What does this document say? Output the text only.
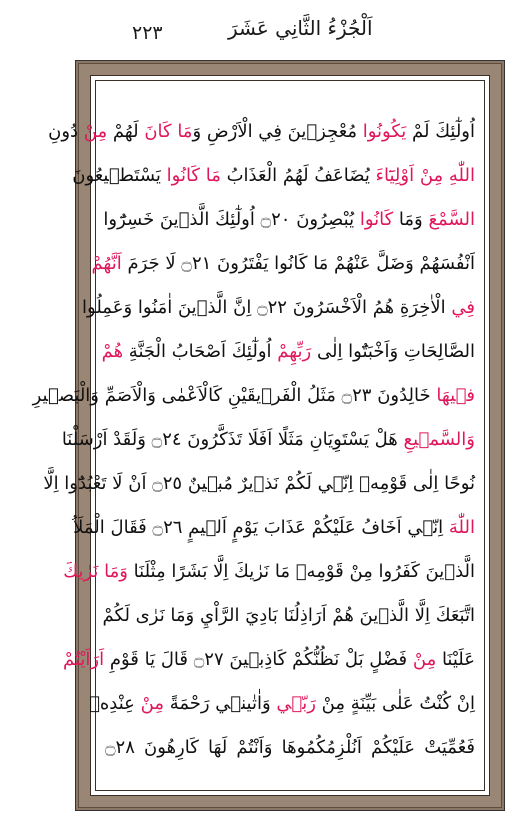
٢٢٣	اَلْجُزْءُ الثَّانِي عَشَرَ
اُولٰٓئِكَ لَمْ يَكُونُوا مُعْجِزٖينَ فِي الْاَرْضِ وَمَا كَانَ لَهُمْ مِنْ دُونِ
اللّٰهِ مِنْ اَوْلِيَٓاءَ يُضَاعَفُ لَهُمُ الْعَذَابُ مَا كَانُوا يَسْتَطٖيعُونَ
السَّمْعَ وَمَا كَانُوا يُبْصِرُونَ ۝٢٠ اُولٰٓئِكَ الَّذٖينَ خَسِرُٓوا
اَنْفُسَهُمْ وَضَلَّ عَنْهُمْ مَا كَانُوا يَفْتَرُونَ ۝٢١ لَا جَرَمَ اَنَّهُمْ
فِي الْاٰخِرَةِ هُمُ الْاَخْسَرُونَ ۝٢٢ اِنَّ الَّذٖينَ اٰمَنُوا وَعَمِلُوا
الصَّالِحَاتِ وَاَخْبَتُٓوا اِلٰى رَبِّهِمْ اُولٰٓئِكَ اَصْحَابُ الْجَنَّةِ هُمْ
فٖيهَا خَالِدُونَ ۝٢٣ مَثَلُ الْفَرٖيقَيْنِ كَالْاَعْمٰى وَالْاَصَمِّ وَالْبَصٖيرِ
وَالسَّمٖيعِ هَلْ يَسْتَوِيَانِ مَثَلًا اَفَلَا تَذَكَّرُونَ ۝٢٤ وَلَقَدْ اَرْسَلْنَا
نُوحًا اِلٰى قَوْمِهٖ اِنّٖي لَكُمْ نَذٖيرٌ مُبٖينٌ ۝٢٥ اَنْ لَا تَعْبُدُٓوا اِلَّا
اللّٰهَ اِنّٖي اَخَافُ عَلَيْكُمْ عَذَابَ يَوْمٍ اَلٖيمٍ ۝٢٦ فَقَالَ الْمَلَاُ
الَّذٖينَ كَفَرُوا مِنْ قَوْمِهٖ مَا نَرٰيكَ اِلَّا بَشَرًا مِثْلَنَا وَمَا نَرٰيكَ
اتَّبَعَكَ اِلَّا الَّذٖينَ هُمْ اَرَاذِلُنَا بَادِيَ الرَّاْيِ وَمَا نَرٰى لَكُمْ
عَلَيْنَا مِنْ فَضْلٍ بَلْ نَظُنُّكُمْ كَاذِبٖينَ ۝٢٧ قَالَ يَا قَوْمِ اَرَاَيْتُمْ
اِنْ كُنْتُ عَلٰى بَيِّنَةٍ مِنْ رَبّٖي وَاٰتٰينٖي رَحْمَةً مِنْ عِنْدِهٖ
فَعُمِّيَتْ عَلَيْكُمْ اَنُلْزِمُكُمُوهَا وَاَنْتُمْ لَهَا كَارِهُونَ ۝٢٨
